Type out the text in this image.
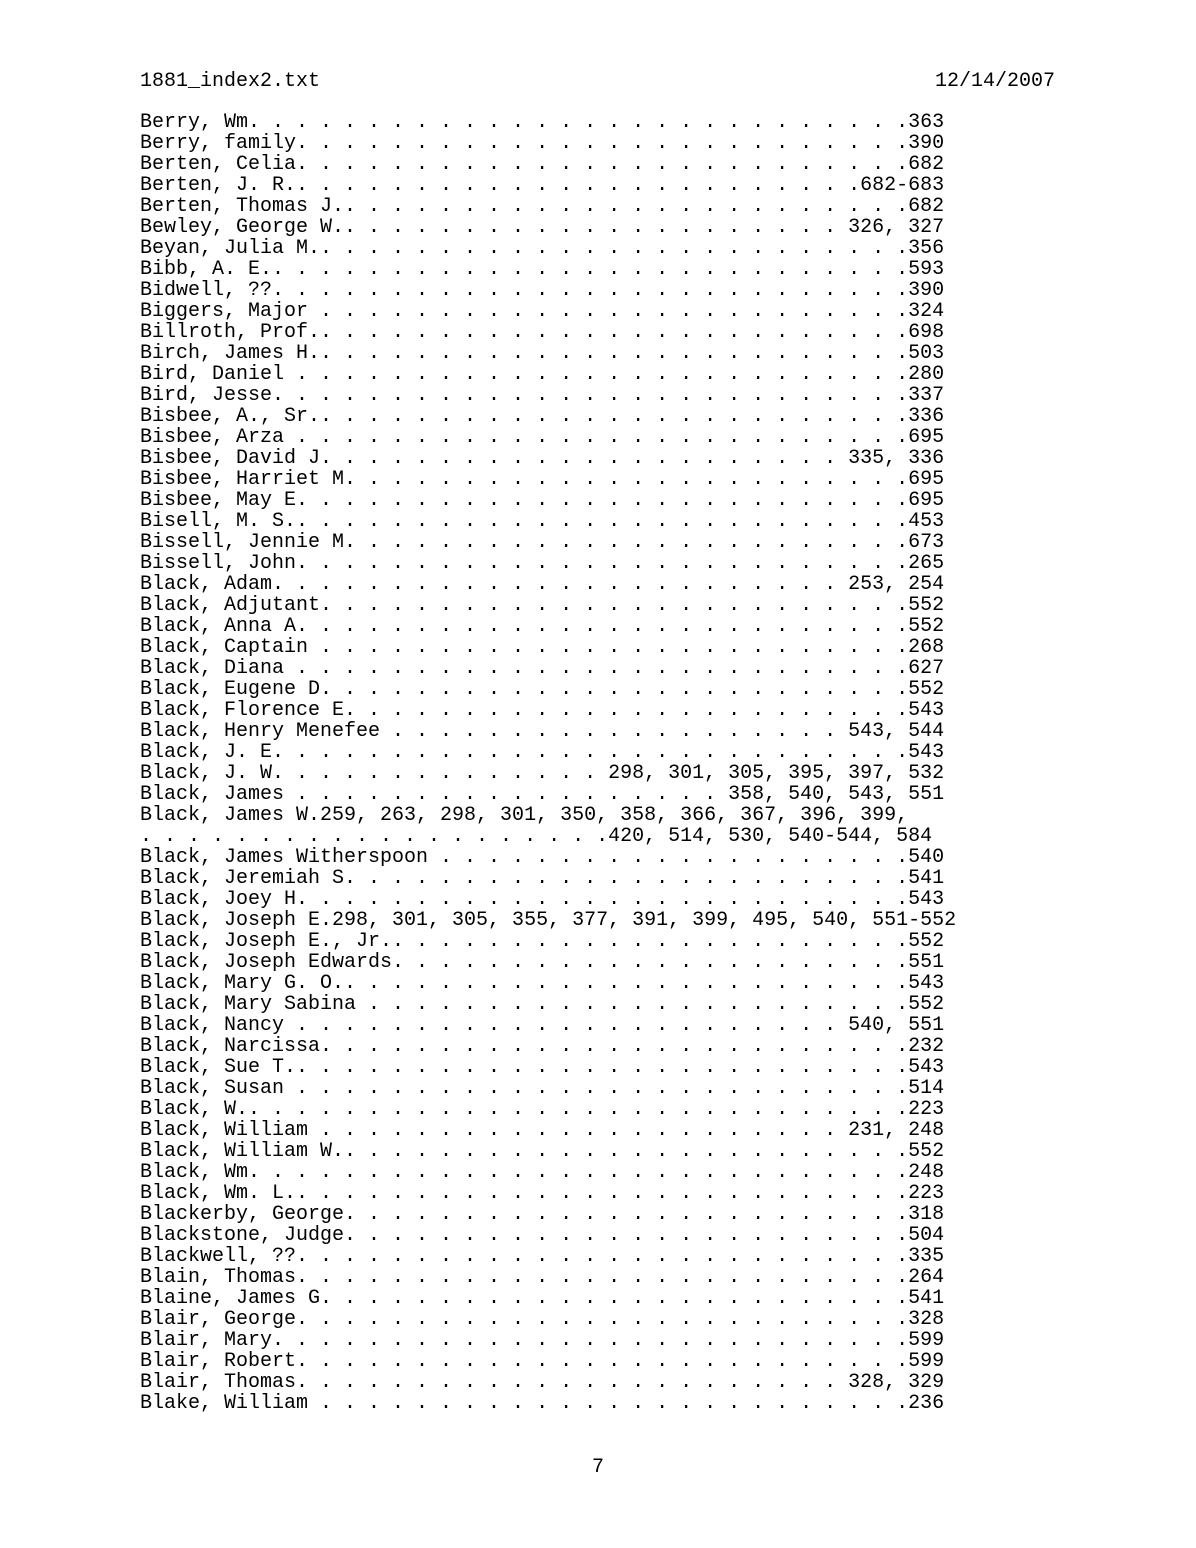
1881_index2.txt	12/14/2007
Berry, Wm. . . . . . . . . . . . . . . . . . . . . . . . . . . .363
Berry, family. . . . . . . . . . . . . . . . . . . . . . . . . .390
Berten, Celia. . . . . . . . . . . . . . . . . . . . . . . . . .682
Berten, J. R.. . . . . . . . . . . . . . . . . . . . . . . .682-683
Berten, Thomas J.. . . . . . . . . . . . . . . . . . . . . . . .682
Bewley, George W.. . . . . . . . . . . . . . . . . . . . . 326, 327
Beyan, Julia M.. . . . . . . . . . . . . . . . . . . . . . . . .356
Bibb, A. E.. . . . . . . . . . . . . . . . . . . . . . . . . . .593
Bidwell, ??. . . . . . . . . . . . . . . . . . . . . . . . . . .390
Biggers, Major . . . . . . . . . . . . . . . . . . . . . . . . .324
Billroth, Prof.. . . . . . . . . . . . . . . . . . . . . . . . .698
Birch, James H.. . . . . . . . . . . . . . . . . . . . . . . . .503
Bird, Daniel . . . . . . . . . . . . . . . . . . . . . . . . . .280
Bird, Jesse. . . . . . . . . . . . . . . . . . . . . . . . . . .337
Bisbee, A., Sr.. . . . . . . . . . . . . . . . . . . . . . . . .336
Bisbee, Arza . . . . . . . . . . . . . . . . . . . . . . . . . .695
Bisbee, David J. . . . . . . . . . . . . . . . . . . . . . 335, 336
Bisbee, Harriet M. . . . . . . . . . . . . . . . . . . . . . . .695
Bisbee, May E. . . . . . . . . . . . . . . . . . . . . . . . . .695
Bisell, M. S.. . . . . . . . . . . . . . . . . . . . . . . . . .453
Bissell, Jennie M. . . . . . . . . . . . . . . . . . . . . . . .673
Bissell, John. . . . . . . . . . . . . . . . . . . . . . . . . .265
Black, Adam. . . . . . . . . . . . . . . . . . . . . . . . 253, 254
Black, Adjutant. . . . . . . . . . . . . . . . . . . . . . . . .552
Black, Anna A. . . . . . . . . . . . . . . . . . . . . . . . . .552
Black, Captain . . . . . . . . . . . . . . . . . . . . . . . . .268
Black, Diana . . . . . . . . . . . . . . . . . . . . . . . . . .627
Black, Eugene D. . . . . . . . . . . . . . . . . . . . . . . . .552
Black, Florence E. . . . . . . . . . . . . . . . . . . . . . . .543
Black, Henry Menefee . . . . . . . . . . . . . . . . . . . 543, 544
Black, J. E. . . . . . . . . . . . . . . . . . . . . . . . . . .543
Black, J. W. . . . . . . . . . . . . . 298, 301, 305, 395, 397, 532
Black, James . . . . . . . . . . . . . . . . . . 358, 540, 543, 551
Black, James W.259, 263, 298, 301, 350, 358, 366, 367, 396, 399,
. . . . . . . . . . . . . . . . . . . .420, 514, 530, 540-544, 584
Black, James Witherspoon . . . . . . . . . . . . . . . . . . . .540
Black, Jeremiah S. . . . . . . . . . . . . . . . . . . . . . . .541
Black, Joey H. . . . . . . . . . . . . . . . . . . . . . . . . .543
Black, Joseph E.298, 301, 305, 355, 377, 391, 399, 495, 540, 551-552
Black, Joseph E., Jr.. . . . . . . . . . . . . . . . . . . . . .552
Black, Joseph Edwards. . . . . . . . . . . . . . . . . . . . . .551
Black, Mary G. O.. . . . . . . . . . . . . . . . . . . . . . . .543
Black, Mary Sabina . . . . . . . . . . . . . . . . . . . . . . .552
Black, Nancy . . . . . . . . . . . . . . . . . . . . . . . 540, 551
Black, Narcissa. . . . . . . . . . . . . . . . . . . . . . . . .232
Black, Sue T.. . . . . . . . . . . . . . . . . . . . . . . . . .543
Black, Susan . . . . . . . . . . . . . . . . . . . . . . . . . .514
Black, W.. . . . . . . . . . . . . . . . . . . . . . . . . . . .223
Black, William . . . . . . . . . . . . . . . . . . . . . . 231, 248
Black, William W.. . . . . . . . . . . . . . . . . . . . . . . .552
Black, Wm. . . . . . . . . . . . . . . . . . . . . . . . . . . .248
Black, Wm. L.. . . . . . . . . . . . . . . . . . . . . . . . . .223
Blackerby, George. . . . . . . . . . . . . . . . . . . . . . . .318
Blackstone, Judge. . . . . . . . . . . . . . . . . . . . . . . .504
Blackwell, ??. . . . . . . . . . . . . . . . . . . . . . . . . .335
Blain, Thomas. . . . . . . . . . . . . . . . . . . . . . . . . .264
Blaine, James G. . . . . . . . . . . . . . . . . . . . . . . . .541
Blair, George. . . . . . . . . . . . . . . . . . . . . . . . . .328
Blair, Mary. . . . . . . . . . . . . . . . . . . . . . . . . . .599
Blair, Robert. . . . . . . . . . . . . . . . . . . . . . . . . .599
Blair, Thomas. . . . . . . . . . . . . . . . . . . . . . . 328, 329
Blake, William . . . . . . . . . . . . . . . . . . . . . . . . .236
7
